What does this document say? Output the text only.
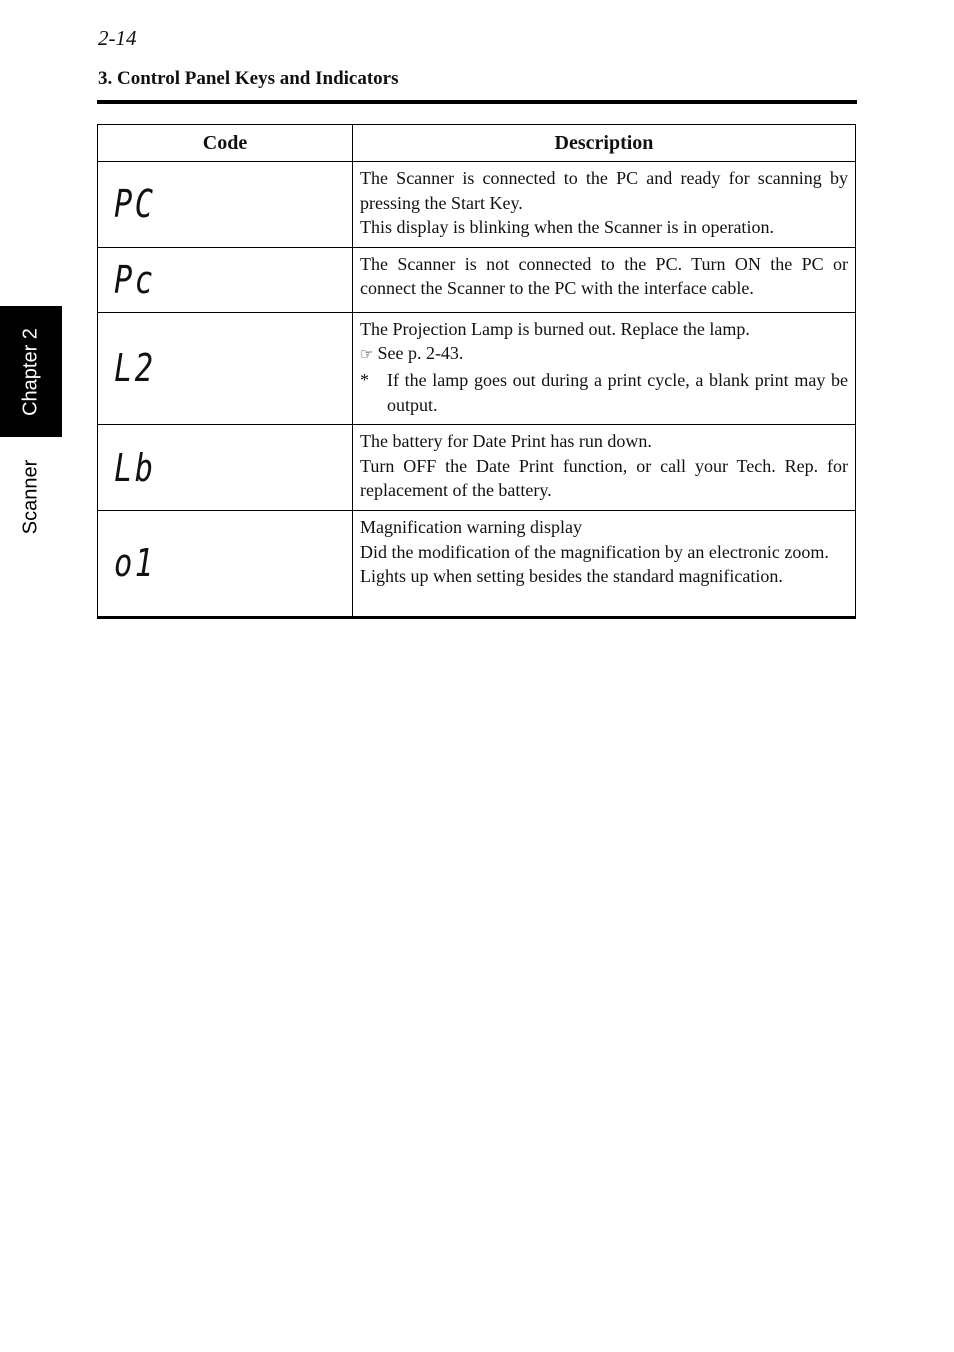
2-14
3. Control Panel Keys and Indicators
Chapter 2
Scanner
Code	Description
PC	The Scanner is connected to the PC and ready for scanning by pressing the Start Key.
This display is blinking when the Scanner is in operation.

Pc	The Scanner is not connected to the PC. Turn ON the PC or connect the Scanner to the PC with the interface cable.

L2	The Projection Lamp is burned out. Replace the lamp.
☞ See p. 2-43.
* If the lamp goes out during a print cycle, a blank print may be output.

Lb	The battery for Date Print has run down.
Turn OFF the Date Print function, or call your Tech. Rep. for replacement of the battery.

o1	Magnification warning display
Did the modification of the magnification by an electronic zoom.
Lights up when setting besides the standard magnification.
